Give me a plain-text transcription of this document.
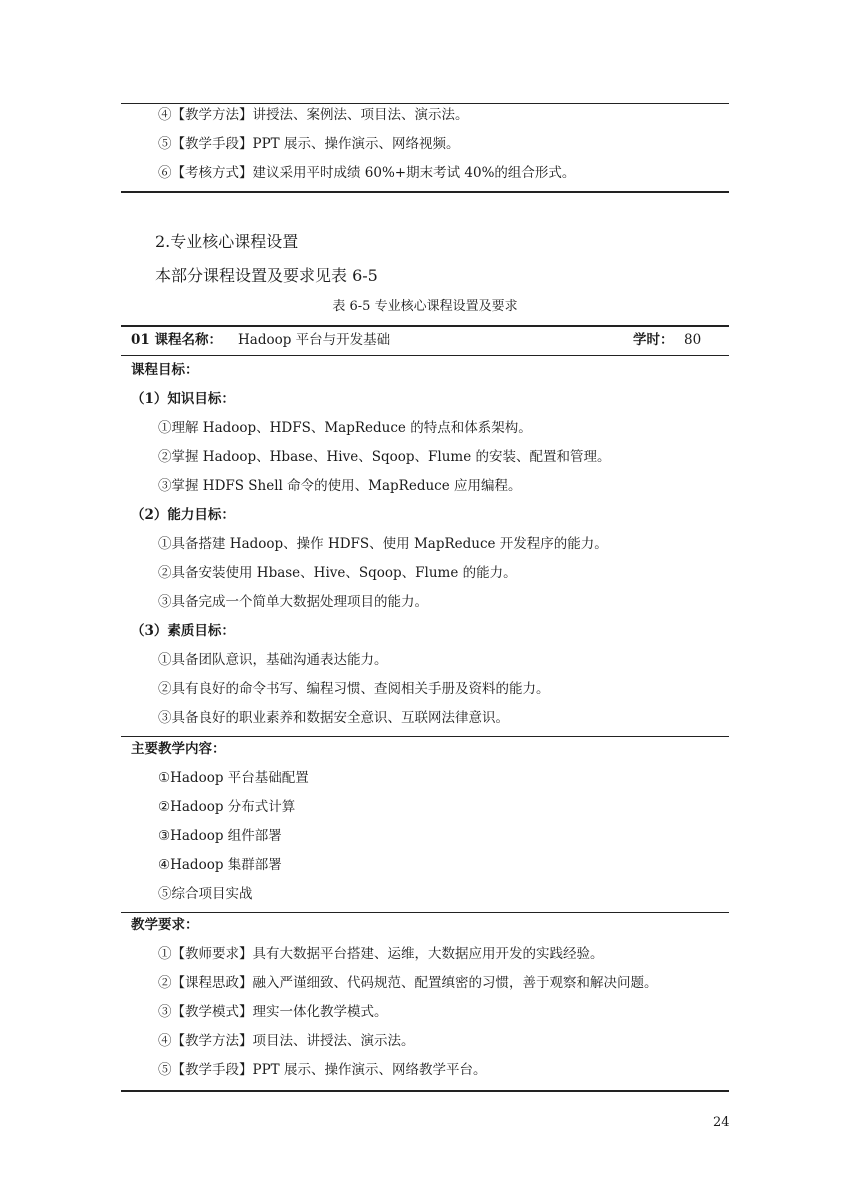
④【教学方法】讲授法、案例法、项目法、演示法。
⑤【教学手段】PPT 展示、操作演示、网络视频。
⑥【考核方式】建议采用平时成绩 60%+期末考试 40%的组合形式。
2.专业核心课程设置
本部分课程设置及要求见表 6-5
表 6-5 专业核心课程设置及要求
01 课程名称： Hadoop 平台与开发基础	学时： 80
课程目标：
（1）知识目标：
①理解 Hadoop、HDFS、MapReduce 的特点和体系架构。
②掌握 Hadoop、Hbase、Hive、Sqoop、Flume 的安装、配置和管理。
③掌握 HDFS Shell 命令的使用、MapReduce 应用编程。
（2）能力目标：
①具备搭建 Hadoop、操作 HDFS、使用 MapReduce 开发程序的能力。
②具备安装使用 Hbase、Hive、Sqoop、Flume 的能力。
③具备完成一个简单大数据处理项目的能力。
（3）素质目标：
①具备团队意识，基础沟通表达能力。
②具有良好的命令书写、编程习惯、查阅相关手册及资料的能力。
③具备良好的职业素养和数据安全意识、互联网法律意识。
主要教学内容：
①Hadoop 平台基础配置
②Hadoop 分布式计算
③Hadoop 组件部署
④Hadoop 集群部署
⑤综合项目实战
教学要求：
①【教师要求】具有大数据平台搭建、运维，大数据应用开发的实践经验。
②【课程思政】融入严谨细致、代码规范、配置缜密的习惯，善于观察和解决问题。
③【教学模式】理实一体化教学模式。
④【教学方法】项目法、讲授法、演示法。
⑤【教学手段】PPT 展示、操作演示、网络教学平台。
24
